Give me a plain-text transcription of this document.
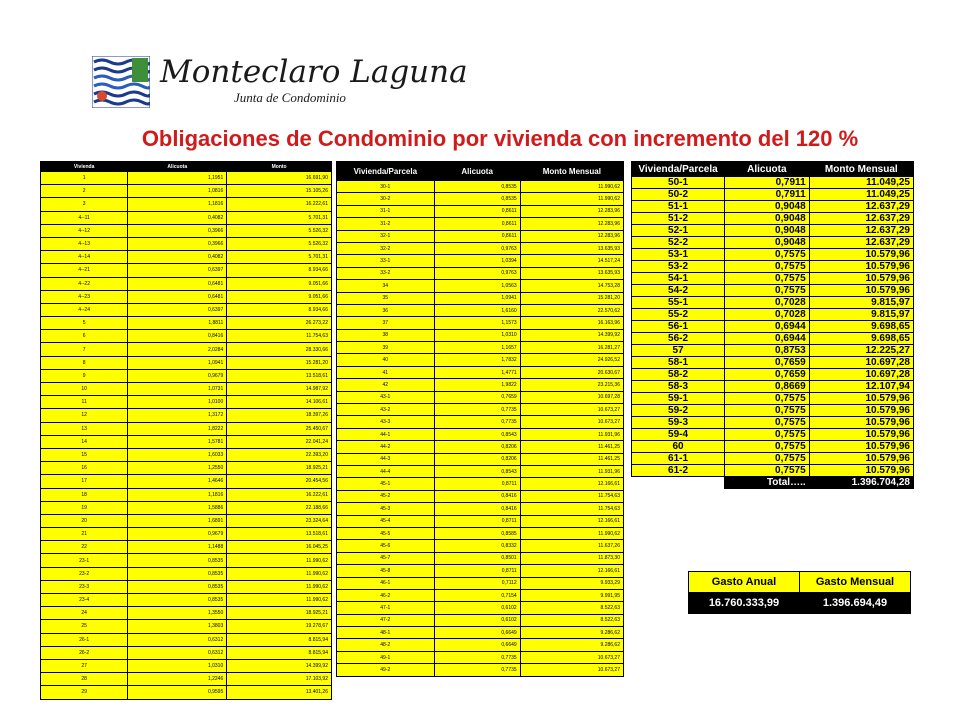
Monteclaro Laguna
Junta de Condominio
Obligaciones de Condominio por vivienda con incremento del 120 %
Vivienda	Alicuota	Monto
1	1,1951	16.691,90
2	1,0816	15.105,26
3	1,1816	16.222,61
4--11	0,4082	5.701,31
4--12	0,3966	5.526,32
4--13	0,3966	5.526,32
4--14	0,4082	5.701,31
4--21	0,6397	8.934,66
4--22	0,6481	9.051,66
4--23	0,6481	9.051,66
4--24	0,6397	8.934,66
5	1,8811	26.273,22
6	0,8416	11.754,63
7	2,0284	28.330,66
8	1,0941	15.281,20
9	0,9679	13.518,61
10	1,0731	14.987,92
11	1,0100	14.106,61
12	1,3172	18.397,26
13	1,8222	25.450,67
14	1,5781	22.041,24
15	1,6033	22.393,20
16	1,2550	18.925,21
17	1,4646	20.454,56
18	1,1816	16.222,61
19	1,5886	22.188,66
20	1,6891	23.324,64
21	0,9679	13.518,61
22	1,1488	16.045,25
23-1	0,8535	11.990,62
23-2	0,8535	11.990,62
23-3	0,8535	11.990,62
23-4	0,8535	11.990,62
24	1,3550	18.925,21
25	1,3803	19.278,67
26-1	0,6312	8.815,94
26-2	0,6312	8.815,94
27	1,0310	14.399,92
28	1,2246	17.103,92
29	0,9595	13.401,26
Vivienda/Parcela	Alicuota	Monto Mensual
30-1	0,8535	11.990,62
30-2	0,8535	11.990,62
31-1	0,8611	12.283,96
31-2	0,8611	12.283,96
32-1	0,8611	12.283,96
32-2	0,9763	13.635,93
33-1	1,0394	14.517,24
33-2	0,9763	13.635,93
34	1,0563	14.753,28
35	1,0941	15.281,20
36	1,6160	22.570,62
37	1,1573	16.163,96
38	1,0310	14.399,92
39	1,1657	16.281,27
40	1,7832	24.926,52
41	1,4771	20.630,67
42	1,9822	23.215,36
43-1	0,7659	10.697,28
43-2	0,7735	10.673,27
43-3	0,7735	10.673,27
44-1	0,8543	11.931,96
44-2	0,8206	11.461,25
44-3	0,8206	11.461,25
44-4	0,8543	11.931,96
45-1	0,8711	12.166,61
45-2	0,8416	11.754,63
45-3	0,8416	11.754,63
45-4	0,8711	12.166,61
45-5	0,8585	11.990,62
45-6	0,8332	11.637,26
45-7	0,8501	11.873,30
45-8	0,8711	12.166,61
46-1	0,7112	9.933,29
46-2	0,7154	9.991,95
47-1	0,6102	8.522,63
47-2	0,6102	8.522,63
48-1	0,6649	9.286,62
48-2	0,6649	9.286,62
49-1	0,7735	10.673,27
49-2	0,7735	10.673,27
Vivienda/Parcela	Alicuota	Monto Mensual
50-1	0,7911	11.049,25
50-2	0,7911	11.049,25
51-1	0,9048	12.637,29
51-2	0,9048	12.637,29
52-1	0,9048	12.637,29
52-2	0,9048	12.637,29
53-1	0,7575	10.579,96
53-2	0,7575	10.579,96
54-1	0,7575	10.579,96
54-2	0,7575	10.579,96
55-1	0,7028	9.815,97
55-2	0,7028	9.815,97
56-1	0,6944	9.698,65
56-2	0,6944	9.698,65
57	0,8753	12.225,27
58-1	0,7659	10.697,28
58-2	0,7659	10.697,28
58-3	0,8669	12.107,94
59-1	0,7575	10.579,96
59-2	0,7575	10.579,96
59-3	0,7575	10.579,96
59-4	0,7575	10.579,96
60	0,7575	10.579,96
61-1	0,7575	10.579,96
61-2	0,7575	10.579,96
	Total…..	1.396.704,28
Gasto Anual	Gasto Mensual
16.760.333,99	1.396.694,49
